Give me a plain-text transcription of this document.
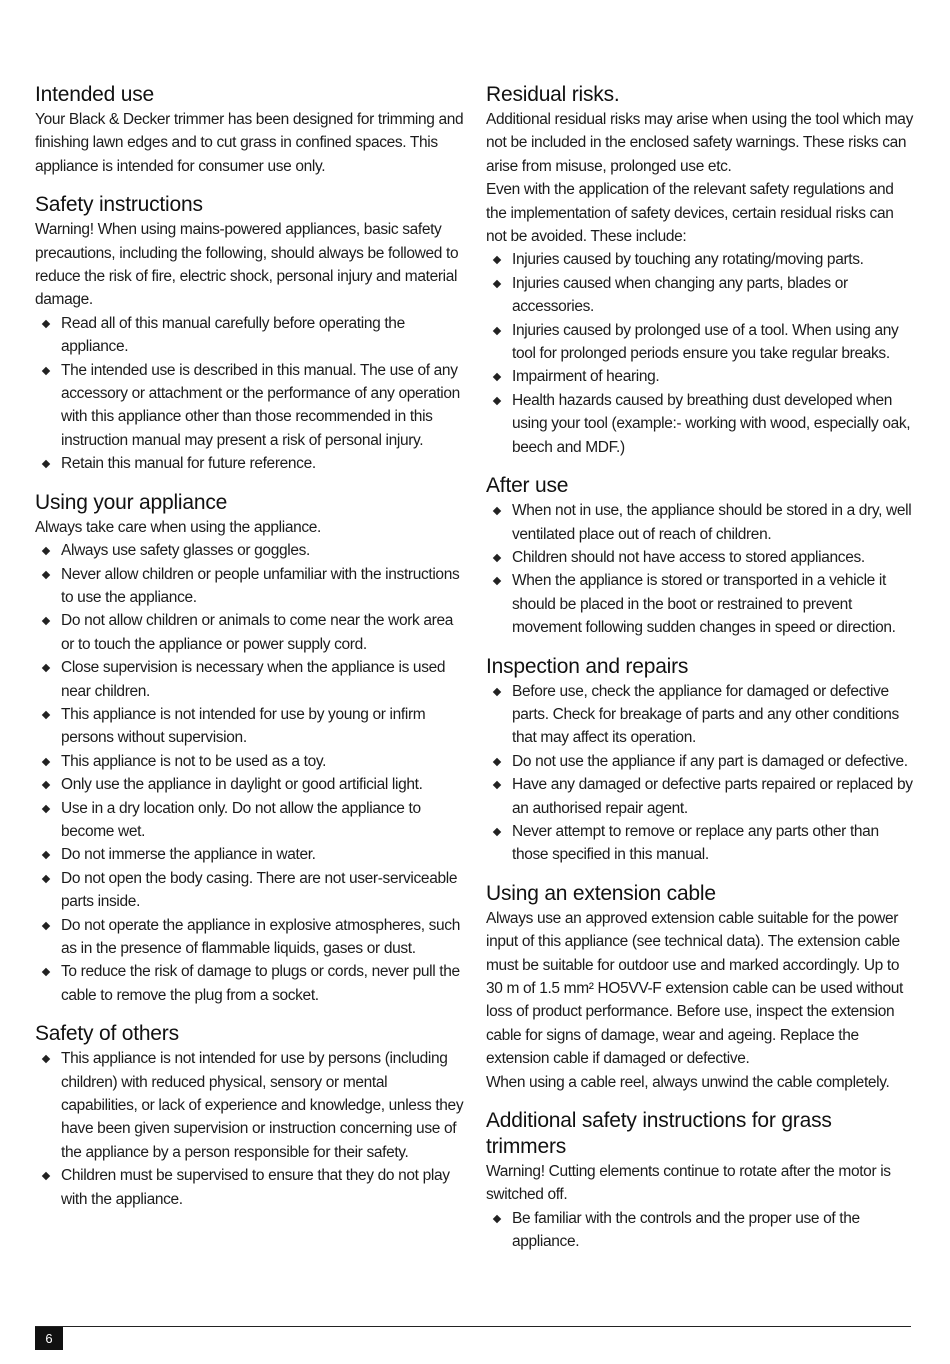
Intended use

Your Black & Decker trimmer has been designed for trimming and finishing lawn edges and to cut grass in confined spaces. This appliance is intended for consumer use only.

Safety instructions

Warning! When using mains-powered appliances, basic safety precautions, including the following, should always be followed to reduce the risk of fire, electric shock, personal injury and material damage.

Read all of this manual carefully before operating the appliance.
The intended use is described in this manual. The use of any accessory or attachment or the performance of any operation with this appliance other than those recommended in this instruction manual may present a risk of personal injury.
Retain this manual for future reference.
Using your appliance

Always take care when using the appliance.

Always use safety glasses or goggles.
Never allow children or people unfamiliar with the instructions to use the appliance.
Do not allow children or animals to come near the work area or to touch the appliance or power supply cord.
Close supervision is necessary when the appliance is used near children.
This appliance is not intended for use by young or infirm persons without supervision.
This appliance is not to be used as a toy.
Only use the appliance in daylight or good artificial light.
Use in a dry location only. Do not allow the appliance to become wet.
Do not immerse the appliance in water.
Do not open the body casing. There are not user-serviceable parts inside.
Do not operate the appliance in explosive atmospheres, such as in the presence of flammable liquids, gases or dust.
To reduce the risk of damage to plugs or cords, never pull the cable to remove the plug from a socket.
Safety of others
This appliance is not intended for use by persons (including children) with reduced physical, sensory or mental capabilities, or lack of experience and knowledge, unless they have been given supervision or instruction concerning use of the appliance by a person responsible for their safety.
Children must be supervised to ensure that they do not play with the appliance.
Residual risks.

Additional residual risks may arise when using the tool which may not be included in the enclosed safety warnings. These risks can arise from misuse, prolonged use etc.

Even with the application of the relevant safety regulations and the implementation of safety devices, certain residual risks can not be avoided. These include:

Injuries caused by touching any rotating/moving parts.
Injuries caused when changing any parts, blades or accessories.
Injuries caused by prolonged use of a tool. When using any tool for prolonged periods ensure you take regular breaks.
Impairment of hearing.
Health hazards caused by breathing dust developed when using your tool (example:- working with wood, especially oak, beech and MDF.)
After use
When not in use, the appliance should be stored in a dry, well ventilated place out of reach of children.
Children should not have access to stored appliances.
When the appliance is stored or transported in a vehicle it should be placed in the boot or restrained to prevent movement following sudden changes in speed or direction.
Inspection and repairs
Before use, check the appliance for damaged or defective parts. Check for breakage of parts and any other conditions that may affect its operation.
Do not use the appliance if any part is damaged or defective.
Have any damaged or defective parts repaired or replaced by an authorised repair agent.
Never attempt to remove or replace any parts other than those specified in this manual.
Using an extension cable

Always use an approved extension cable suitable for the power input of this appliance (see technical data). The extension cable must be suitable for outdoor use and marked accordingly. Up to 30 m of 1.5 mm² HO5VV-F extension cable can be used without loss of product performance. Before use, inspect the extension cable for signs of damage, wear and ageing. Replace the extension cable if damaged or defective.

When using a cable reel, always unwind the cable completely.

Additional safety instructions for grass trimmers

Warning! Cutting elements continue to rotate after the motor is switched off.

Be familiar with the controls and the proper use of the appliance.
6
